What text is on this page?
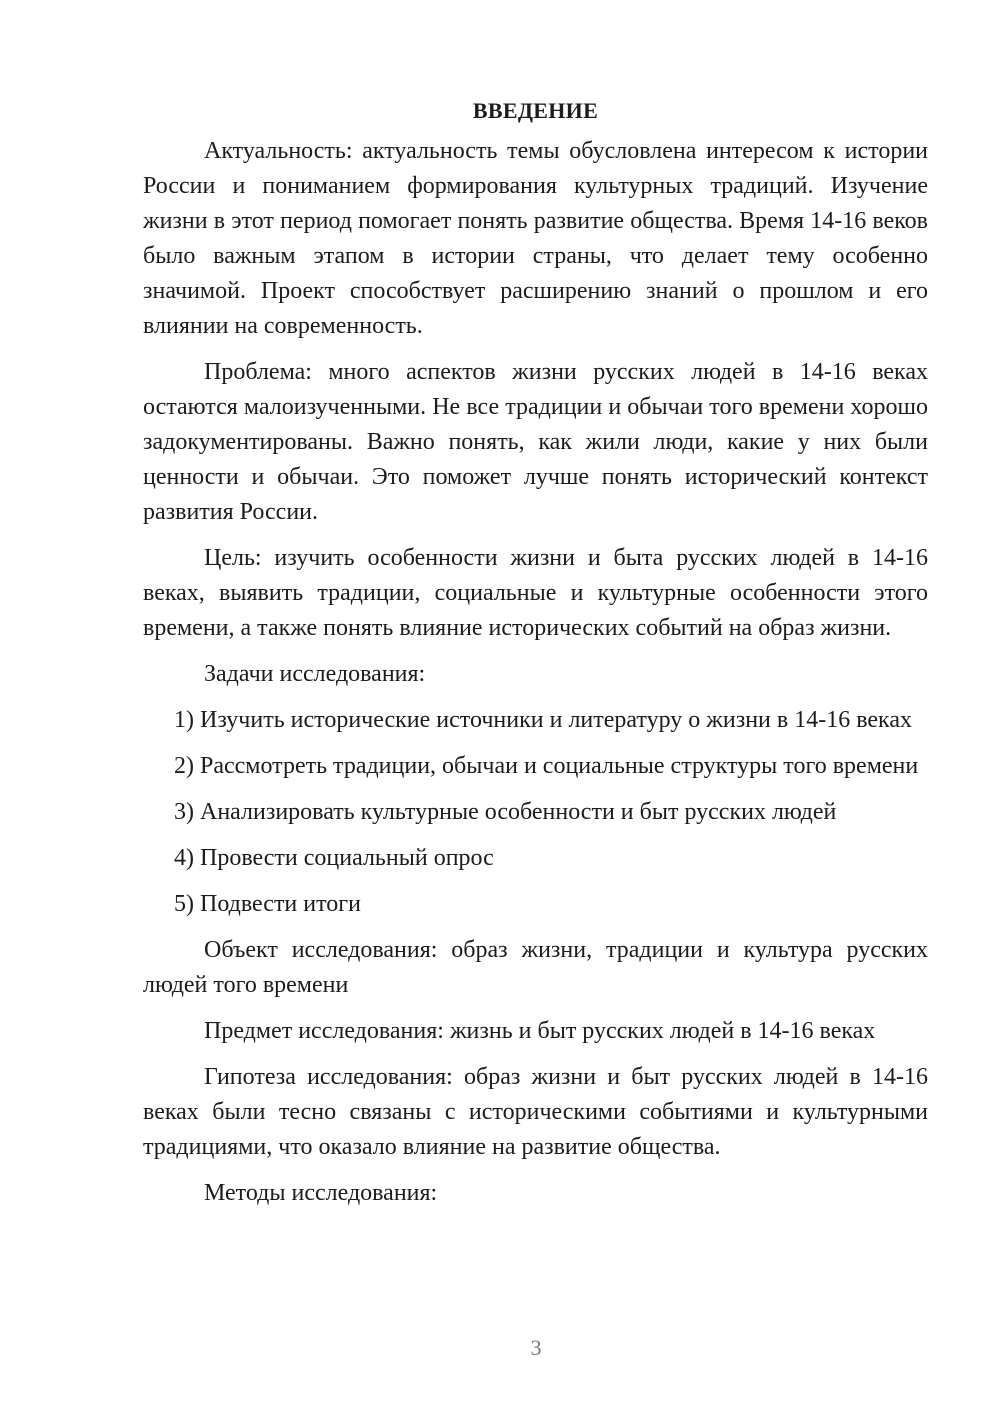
ВВЕДЕНИЕ

Актуальность: актуальность темы обусловлена интересом к истории России и пониманием формирования культурных традиций. Изучение жизни в этот период помогает понять развитие общества. Время 14-16 веков было важным этапом в истории страны, что делает тему особенно значимой. Проект способствует расширению знаний о прошлом и его влиянии на современность.

Проблема: много аспектов жизни русских людей в 14-16 веках остаются малоизученными. Не все традиции и обычаи того времени хорошо задокументированы. Важно понять, как жили люди, какие у них были ценности и обычаи. Это поможет лучше понять исторический контекст развития России.

Цель: изучить особенности жизни и быта русских людей в 14-16 веках, выявить традиции, социальные и культурные особенности этого времени, а также понять влияние исторических событий на образ жизни.

Задачи исследования:

1) Изучить исторические источники и литературу о жизни в 14-16 веках

2) Рассмотреть традиции, обычаи и социальные структуры того времени

3) Анализировать культурные особенности и быт русских людей

4) Провести социальный опрос

5) Подвести итоги

Объект исследования: образ жизни, традиции и культура русских людей того времени

Предмет исследования: жизнь и быт русских людей в 14-16 веках

Гипотеза исследования: образ жизни и быт русских людей в 14-16 веках были тесно связаны с историческими событиями и культурными традициями, что оказало влияние на развитие общества.

Методы исследования:

3
